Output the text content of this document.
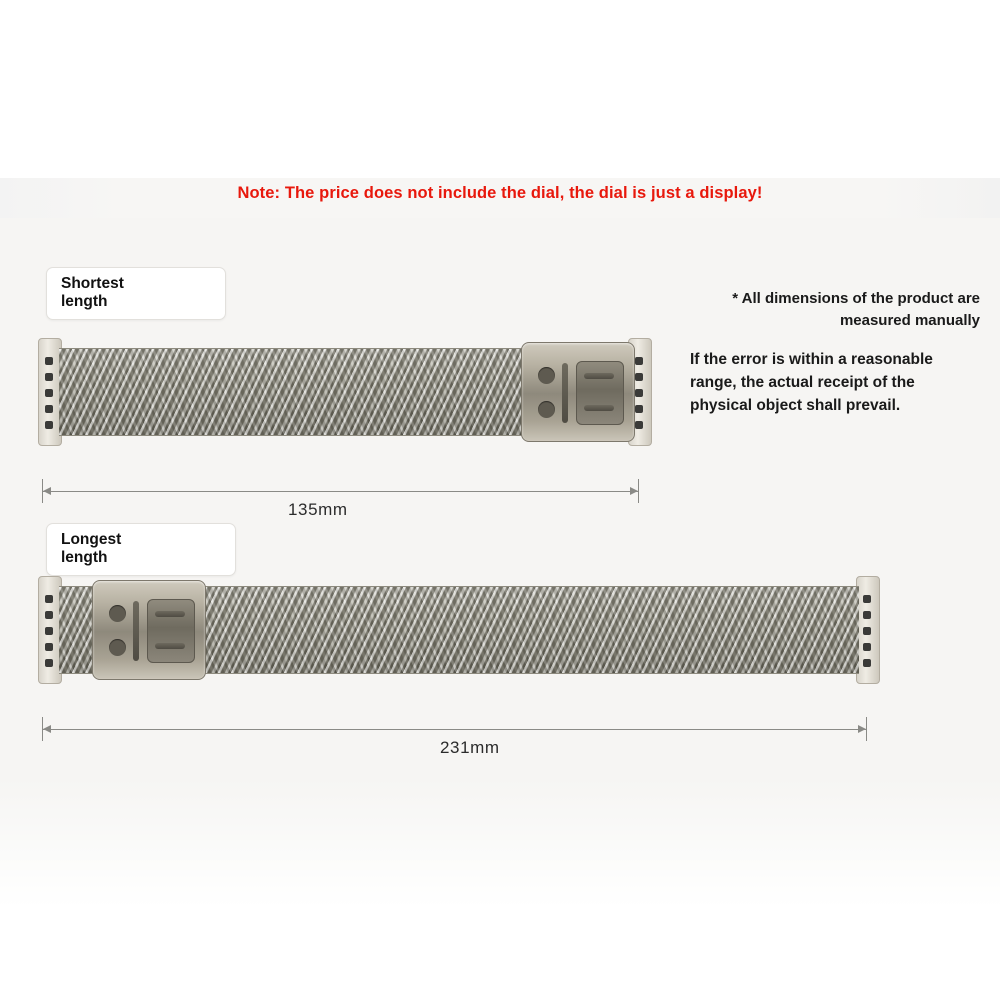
Note: The price does not include the dial, the dial is just a display!
Shortest
length
Longest
length
* All dimensions of the product are
measured manually
If the error is within a reasonable range, the actual receipt of the physical object shall prevail.
135mm
231mm
